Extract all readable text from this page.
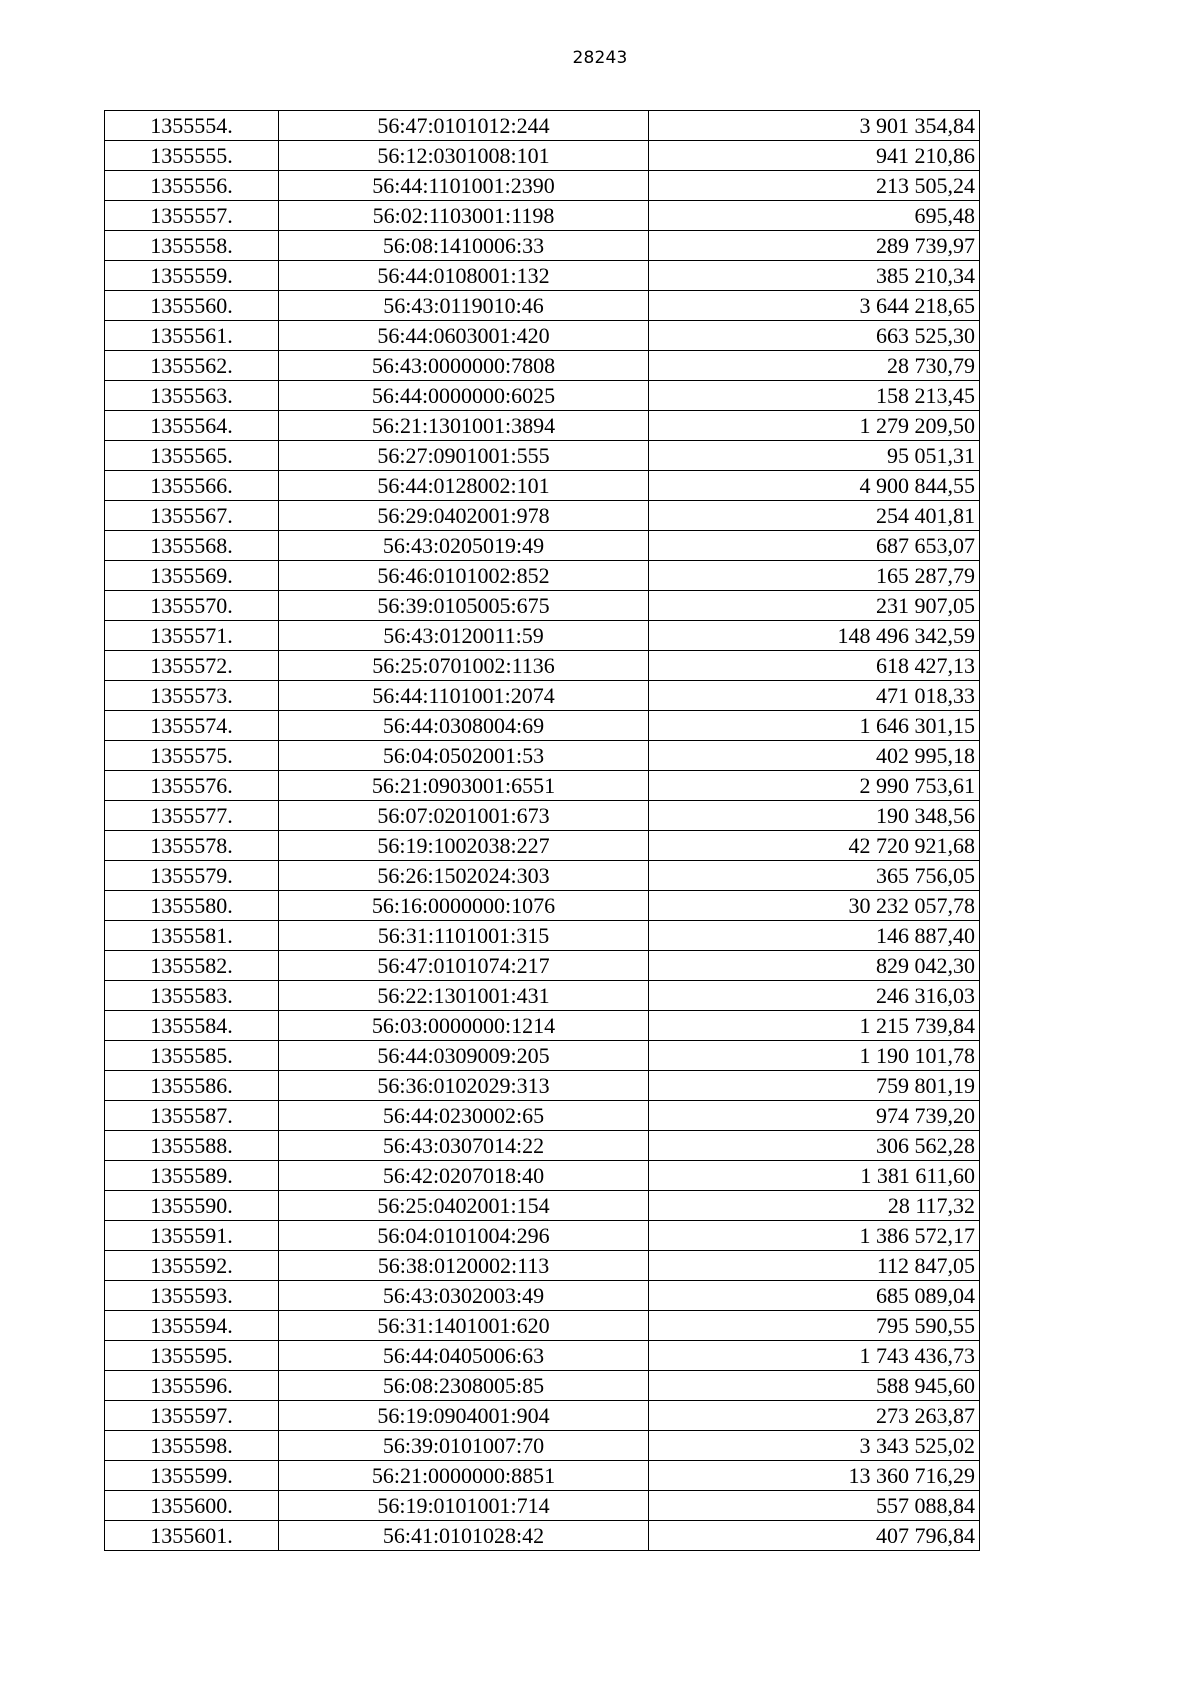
28243
1355554.	56:47:0101012:244	3 901 354,84
1355555.	56:12:0301008:101	941 210,86
1355556.	56:44:1101001:2390	213 505,24
1355557.	56:02:1103001:1198	695,48
1355558.	56:08:1410006:33	289 739,97
1355559.	56:44:0108001:132	385 210,34
1355560.	56:43:0119010:46	3 644 218,65
1355561.	56:44:0603001:420	663 525,30
1355562.	56:43:0000000:7808	28 730,79
1355563.	56:44:0000000:6025	158 213,45
1355564.	56:21:1301001:3894	1 279 209,50
1355565.	56:27:0901001:555	95 051,31
1355566.	56:44:0128002:101	4 900 844,55
1355567.	56:29:0402001:978	254 401,81
1355568.	56:43:0205019:49	687 653,07
1355569.	56:46:0101002:852	165 287,79
1355570.	56:39:0105005:675	231 907,05
1355571.	56:43:0120011:59	148 496 342,59
1355572.	56:25:0701002:1136	618 427,13
1355573.	56:44:1101001:2074	471 018,33
1355574.	56:44:0308004:69	1 646 301,15
1355575.	56:04:0502001:53	402 995,18
1355576.	56:21:0903001:6551	2 990 753,61
1355577.	56:07:0201001:673	190 348,56
1355578.	56:19:1002038:227	42 720 921,68
1355579.	56:26:1502024:303	365 756,05
1355580.	56:16:0000000:1076	30 232 057,78
1355581.	56:31:1101001:315	146 887,40
1355582.	56:47:0101074:217	829 042,30
1355583.	56:22:1301001:431	246 316,03
1355584.	56:03:0000000:1214	1 215 739,84
1355585.	56:44:0309009:205	1 190 101,78
1355586.	56:36:0102029:313	759 801,19
1355587.	56:44:0230002:65	974 739,20
1355588.	56:43:0307014:22	306 562,28
1355589.	56:42:0207018:40	1 381 611,60
1355590.	56:25:0402001:154	28 117,32
1355591.	56:04:0101004:296	1 386 572,17
1355592.	56:38:0120002:113	112 847,05
1355593.	56:43:0302003:49	685 089,04
1355594.	56:31:1401001:620	795 590,55
1355595.	56:44:0405006:63	1 743 436,73
1355596.	56:08:2308005:85	588 945,60
1355597.	56:19:0904001:904	273 263,87
1355598.	56:39:0101007:70	3 343 525,02
1355599.	56:21:0000000:8851	13 360 716,29
1355600.	56:19:0101001:714	557 088,84
1355601.	56:41:0101028:42	407 796,84
